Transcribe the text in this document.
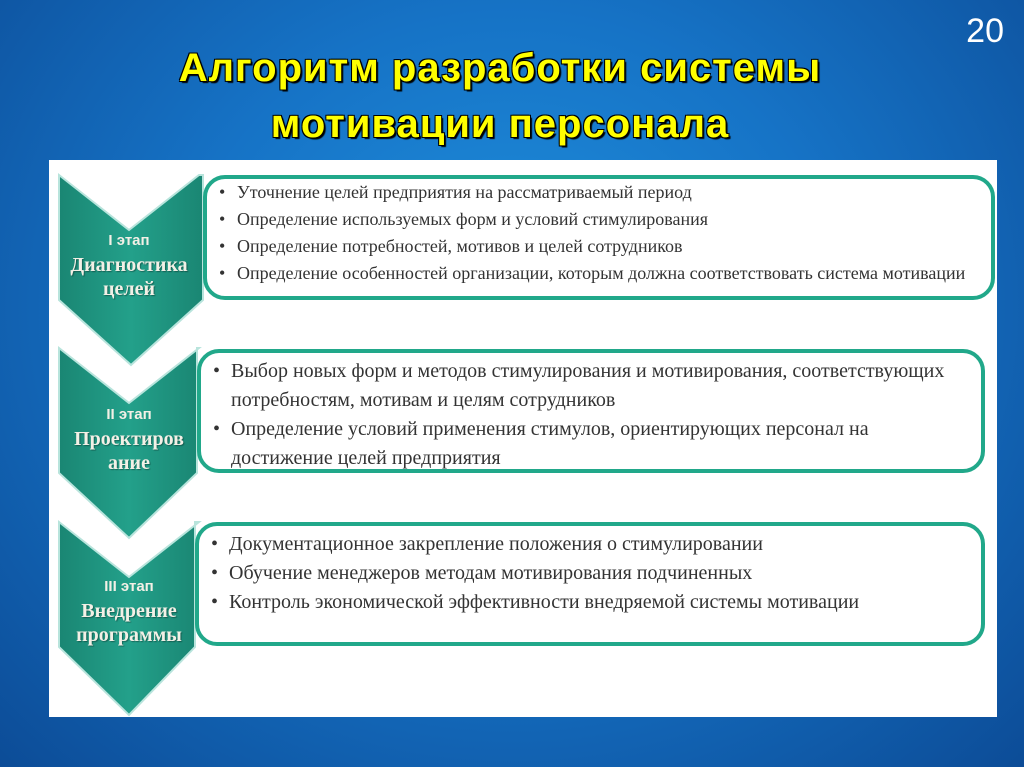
20
Алгоритм разработки системы
мотивации персонала
I этап
Диагностика
целей
II этап
Проектиров
ание
III этап
Внедрение
программы
• Уточнение целей предприятия на рассматриваемый период
• Определение используемых форм и условий стимулирования
• Определение потребностей, мотивов и целей сотрудников
• Определение особенностей организации, которым должна соответствовать система мотивации
• Выбор новых форм и методов стимулирования и мотивирования, соответствующих потребностям, мотивам и целям сотрудников
• Определение условий применения стимулов, ориентирующих персонал на достижение целей предприятия
• Документационное закрепление положения о стимулировании
• Обучение менеджеров методам мотивирования подчиненных
• Контроль экономической эффективности внедряемой системы мотивации
